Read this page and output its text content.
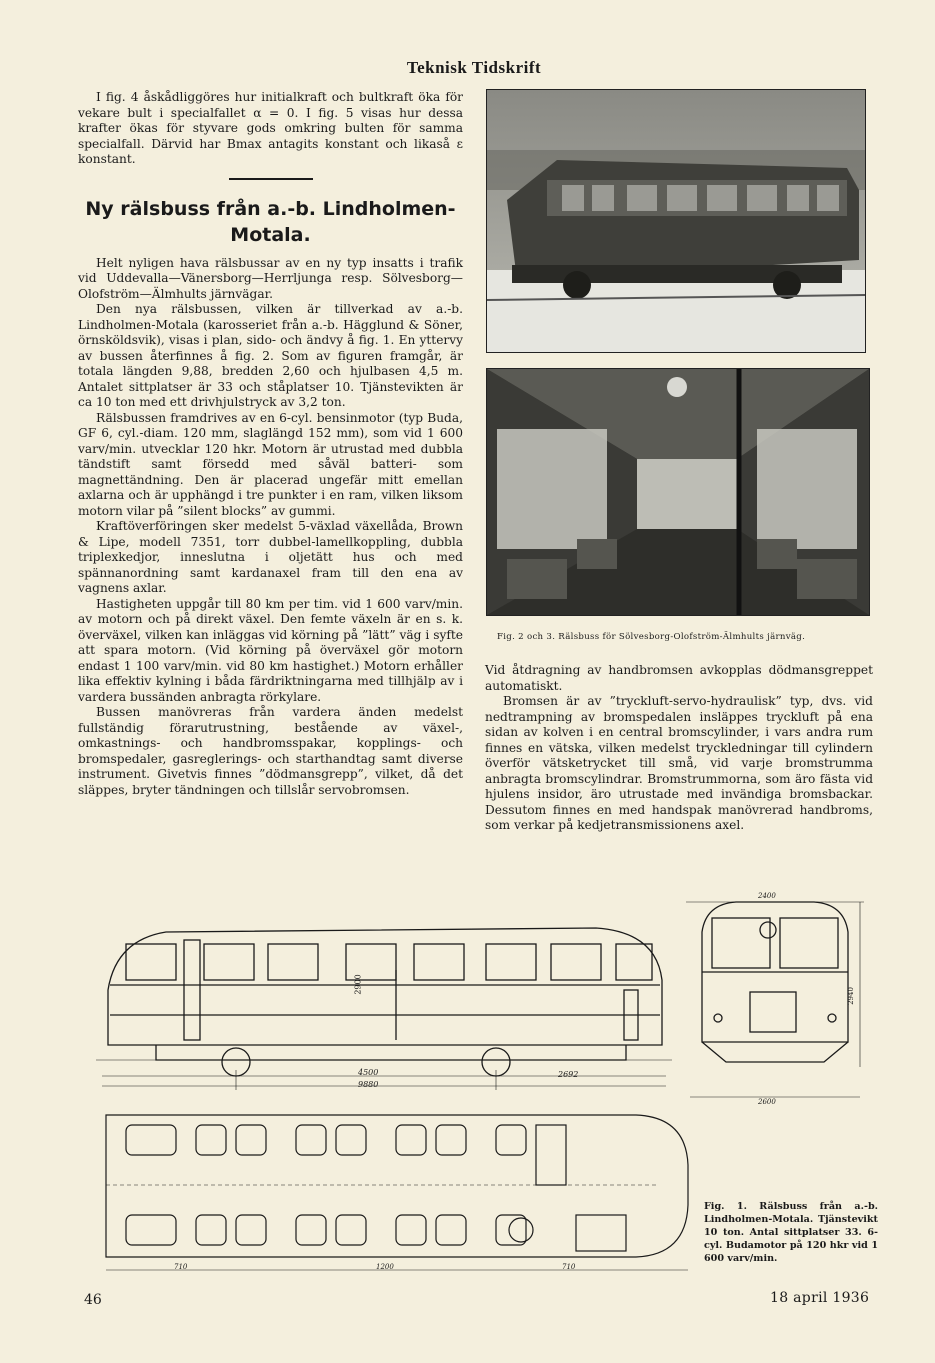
Teknisk Tidskrift

I fig. 4 åskådliggöres hur initialkraft och bultkraft öka för vekare bult i specialfallet α = 0. I fig. 5 visas hur dessa krafter ökas för styvare gods omkring bulten för samma specialfall. Därvid har Bmax antagits konstant och likaså ε konstant.

Ny rälsbuss från a.-b. Lindholmen-Motala.

Helt nyligen hava rälsbussar av en ny typ insatts i trafik vid Uddevalla—Vänersborg—Herrljunga resp. Sölvesborg—Olofström—Älmhults järnvägar.

Den nya rälsbussen, vilken är tillverkad av a.-b. Lindholmen-Motala (karosseriet från a.-b. Hägglund & Söner, örnsköldsvik), visas i plan, sido- och ändvy å fig. 1. En yttervy av bussen återfinnes å fig. 2. Som av figuren framgår, är totala längden 9,88, bredden 2,60 och hjulbasen 4,5 m. Antalet sittplatser är 33 och ståplatser 10. Tjänstevikten är ca 10 ton med ett drivhjulstryck av 3,2 ton.

Rälsbussen framdrives av en 6-cyl. bensinmotor (typ Buda, GF 6, cyl.-diam. 120 mm, slaglängd 152 mm), som vid 1 600 varv/min. utvecklar 120 hkr. Motorn är utrustad med dubbla tändstift samt försedd med såväl batteri- som magnettändning. Den är placerad ungefär mitt emellan axlarna och är upphängd i tre punkter i en ram, vilken liksom motorn vilar på ”silent blocks” av gummi.

Kraftöverföringen sker medelst 5-växlad växellåda, Brown & Lipe, modell 7351, torr dubbel-lamellkoppling, dubbla triplexkedjor, inneslutna i oljetätt hus och med spännanordning samt kardanaxel fram till den ena av vagnens axlar.

Hastigheten uppgår till 80 km per tim. vid 1 600 varv/min. av motorn och på direkt växel. Den femte växeln är en s. k. överväxel, vilken kan inläggas vid körning på ”lätt” väg i syfte att spara motorn. (Vid körning på överväxel gör motorn endast 1 100 varv/min. vid 80 km hastighet.) Motorn erhåller lika effektiv kylning i båda färdriktningarna med tillhjälp av i vardera bussänden anbragta rörkylare.

Bussen manövreras från vardera änden medelst fullständig förarutrustning, bestående av växel-, omkastnings- och handbromsspakar, kopplings- och bromspedaler, gasreglerings- och starthandtag samt diverse instrument. Givetvis finnes ”dödmansgrepp”, vilket, då det släppes, bryter tändningen och tillslår servobromsen.

Fig. 2 och 3. Rälsbuss för Sölvesborg-Olofström-Älmhults järnväg.

Vid åtdragning av handbromsen avkopplas dödmansgreppet automatiskt.

Bromsen är av ”tryckluft-servo-hydraulisk” typ, dvs. vid nedtrampning av bromspedalen insläppes tryckluft på ena sidan av kolven i en central bromscylinder, i vars andra rum finnes en vätska, vilken medelst tryckledningar till cylindern överför vätsketrycket till små, vid varje bromstrumma anbragta bromscylindrar. Bromstrummorna, som äro fästa vid hjulens insidor, äro utrustade med invändiga bromsbackar. Dessutom finnes en med handspak manövrerad handbroms, som verkar på kedjetransmissionens axel.

2900
4500
9880
2692
2400
2600
2940
710	1200	710
Fig. 1. Rälsbuss från a.-b. Lindholmen-Motala. Tjänstevikt 10 ton. Antal sittplatser 33. 6-cyl. Budamotor på 120 hkr vid 1 600 varv/min.
46	18 april 1936
